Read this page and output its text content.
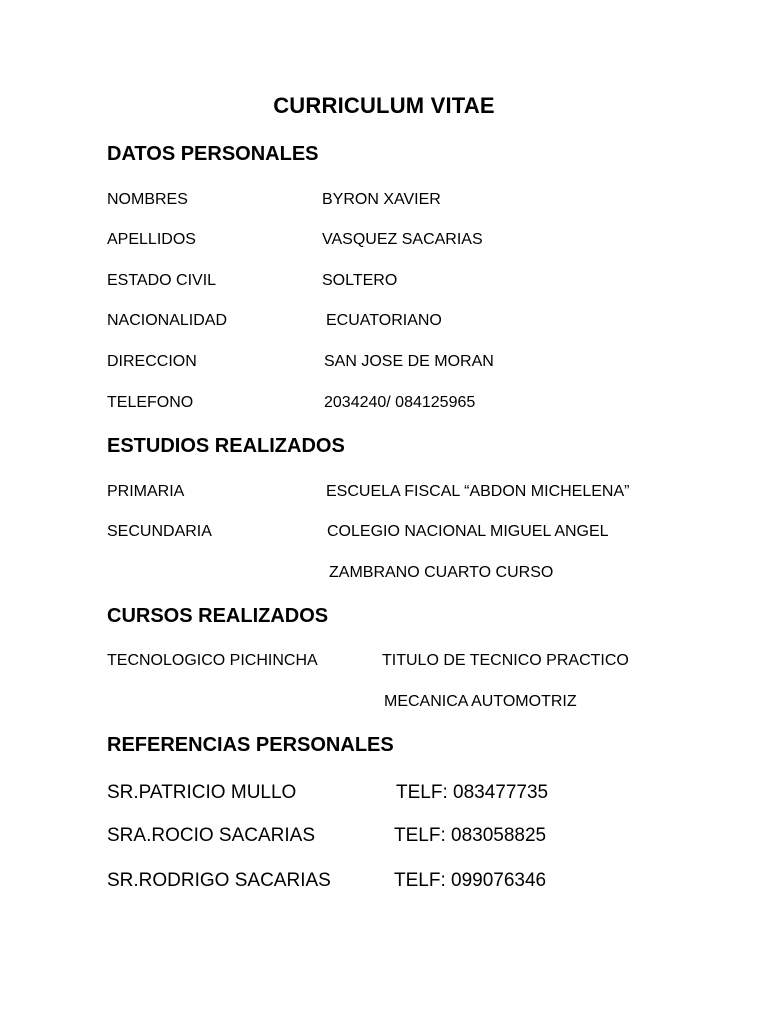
CURRICULUM VITAE
DATOS PERSONALES
NOMBRES	BYRON XAVIER
APELLIDOS	VASQUEZ SACARIAS
ESTADO CIVIL	SOLTERO
NACIONALIDAD	ECUATORIANO
DIRECCION	SAN JOSE DE MORAN
TELEFONO	2034240/ 084125965
ESTUDIOS REALIZADOS
PRIMARIA	ESCUELA FISCAL “ABDON MICHELENA”
SECUNDARIA	COLEGIO NACIONAL MIGUEL ANGEL
ZAMBRANO CUARTO CURSO
CURSOS REALIZADOS
TECNOLOGICO PICHINCHA	TITULO DE TECNICO PRACTICO
MECANICA AUTOMOTRIZ
REFERENCIAS PERSONALES
SR.PATRICIO MULLO	TELF: 083477735
SRA.ROCIO SACARIAS	TELF: 083058825
SR.RODRIGO SACARIAS	TELF: 099076346
